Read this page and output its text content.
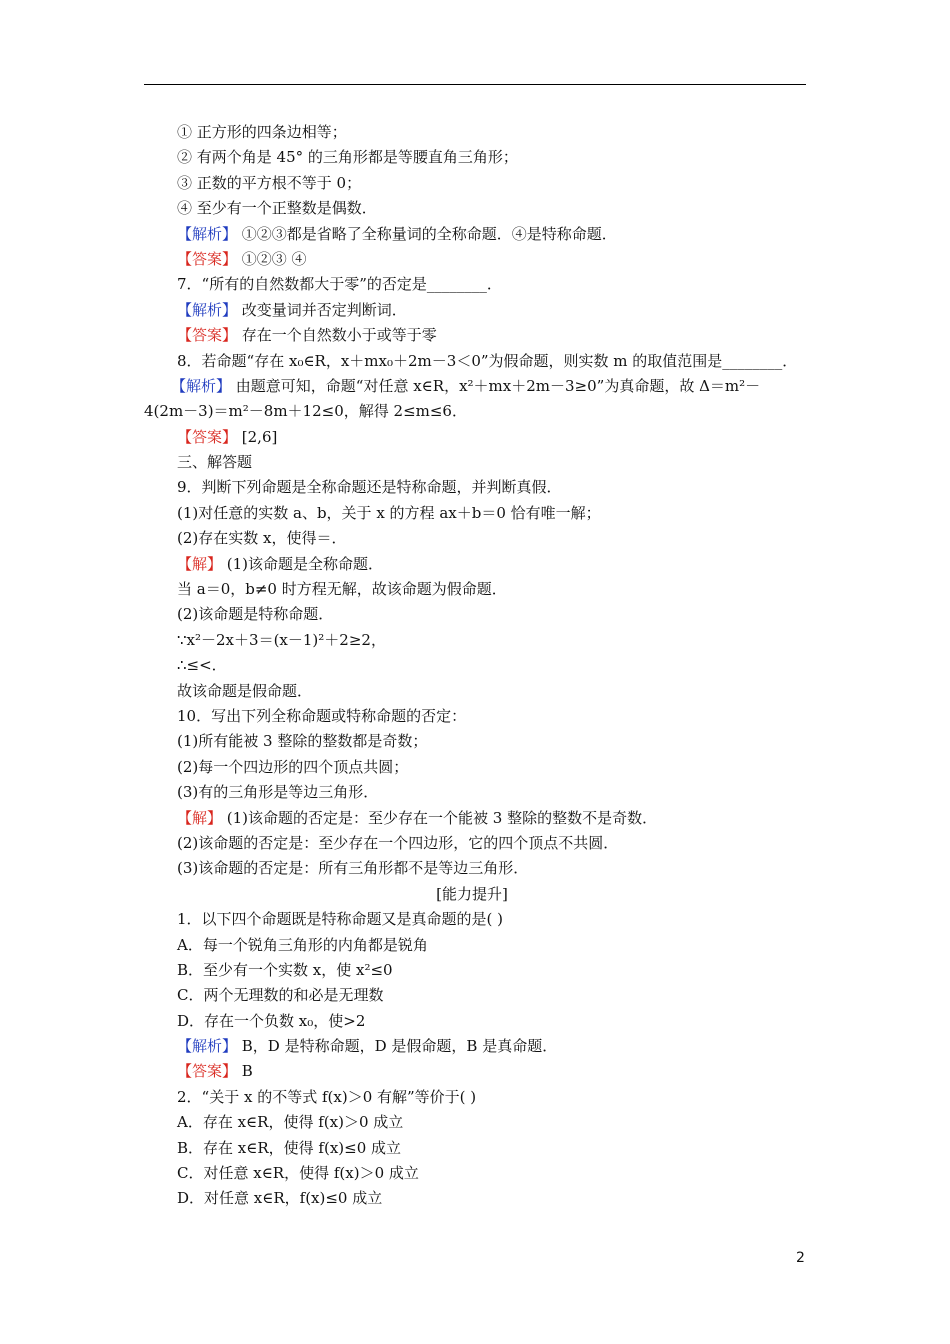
① 正方形的四条边相等；
② 有两个角是 45° 的三角形都是等腰直角三角形；
③ 正数的平方根不等于 0；
④ 至少有一个正整数是偶数．
【解析】 ①②③都是省略了全称量词的全称命题．④是特称命题．
【答案】 ①②③ ④
7．“所有的自然数都大于零”的否定是________．
【解析】 改变量词并否定判断词．
【答案】 存在一个自然数小于或等于零
8．若命题“存在 x₀∈R，x＋mx₀＋2m－3＜0”为假命题，则实数 m 的取值范围是________．
【解析】 由题意可知，命题“对任意 x∈R，x²＋mx＋2m－3≥0”为真命题，故 Δ＝m²－
4(2m－3)＝m²－8m＋12≤0，解得 2≤m≤6．
【答案】 [2,6]
三、解答题
9．判断下列命题是全称命题还是特称命题，并判断真假．
(1)对任意的实数 a、b，关于 x 的方程 ax＋b＝0 恰有唯一解；
(2)存在实数 x，使得＝．
【解】 (1)该命题是全称命题．
当 a＝0，b≠0 时方程无解，故该命题为假命题．
(2)该命题是特称命题．
∵x²－2x＋3＝(x－1)²＋2≥2，
∴≤<．
故该命题是假命题．
10．写出下列全称命题或特称命题的否定：
(1)所有能被 3 整除的整数都是奇数；
(2)每一个四边形的四个顶点共圆；
(3)有的三角形是等边三角形．
【解】 (1)该命题的否定是：至少存在一个能被 3 整除的整数不是奇数．
(2)该命题的否定是：至少存在一个四边形，它的四个顶点不共圆．
(3)该命题的否定是：所有三角形都不是等边三角形．
[能力提升]
1．以下四个命题既是特称命题又是真命题的是( )
A．每一个锐角三角形的内角都是锐角
B．至少有一个实数 x，使 x²≤0
C．两个无理数的和必是无理数
D．存在一个负数 x₀，使>2
【解析】 B，D 是特称命题，D 是假命题，B 是真命题．
【答案】 B
2．“关于 x 的不等式 f(x)＞0 有解”等价于( )
A．存在 x∈R，使得 f(x)＞0 成立
B．存在 x∈R，使得 f(x)≤0 成立
C．对任意 x∈R，使得 f(x)＞0 成立
D．对任意 x∈R，f(x)≤0 成立
2
